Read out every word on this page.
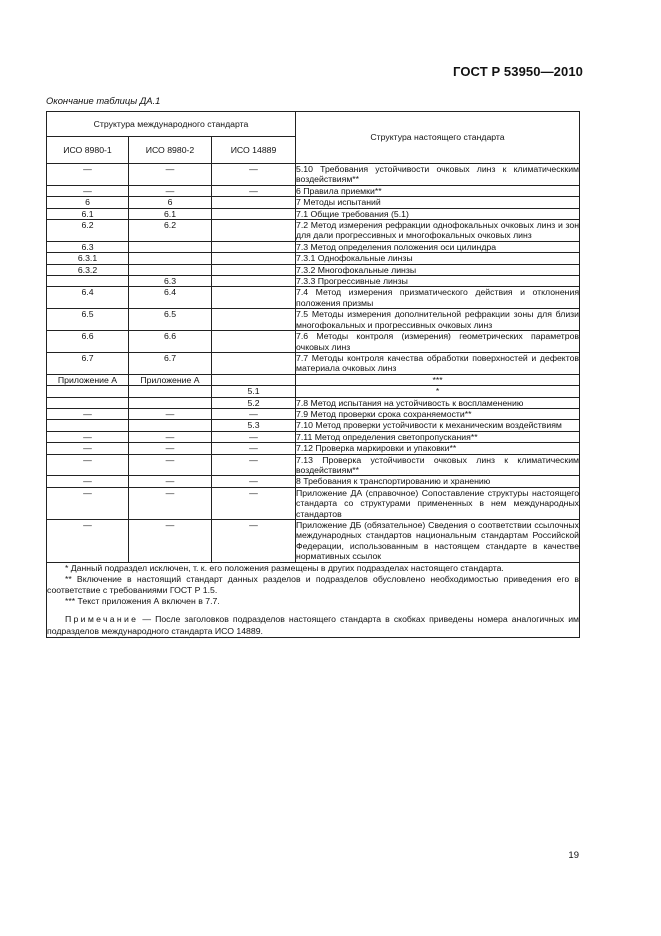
ГОСТ Р 53950—2010
Окончание таблицы ДА.1
Структура международного стандарта			Структура настоящего стандарта
ИСО 8980-1	ИСО 8980-2	ИСО 14889	
—	—	—	5.10 Требования устойчивости очковых линз к климатическким воздействиям**
—	—	—	6 Правила приемки**
6	6		7 Методы испытаний
6.1	6.1		7.1 Общие требования (5.1)
6.2	6.2		7.2 Метод измерения рефракции однофокальных очковых линз и зон для дали прогрессивных и многофокальных очковых линз
6.3			7.3 Метод определения положения оси цилиндра
6.3.1			7.3.1 Однофокальные линзы
6.3.2			7.3.2 Многофокальные линзы
	6.3		7.3.3 Прогрессивные линзы
6.4	6.4		7.4 Метод измерения призматического действия и отклонения положения призмы
6.5	6.5		7.5 Методы измерения дополнительной рефракции зоны для близи многофокальных и прогрессивных очковых линз
6.6	6.6		7.6 Методы контроля (измерения) геометрических параметров очковых линз
6.7	6.7		7.7 Методы контроля качества обработки поверхностей и дефектов материала очковых линз
Приложение А	Приложение А		***
		5.1	*
		5.2	7.8 Метод испытания на устойчивость к воспламенению
—	—	—	7.9 Метод проверки срока сохраняемости**
		5.3	7.10 Метод проверки устойчивости к механическим воздействиям
—	—	—	7.11 Метод определения светопропускания**
—	—	—	7.12 Проверка маркировки и упаковки**
—	—	—	7.13 Проверка устойчивости очковых линз к климатическим воздействиям**
—	—	—	8 Требования к транспортированию и хранению
—	—	—	Приложение ДА (справочное) Сопоставление структуры настоящего стандарта со структурами примененных в нем международных стандартов
—	—	—	Приложение ДБ (обязательное) Сведения о соответствии ссылочных международных стандартов национальным стандартам Российской Федерации, использованным в настоящем стандарте в качестве нормативных ссылок

* Данный подраздел исключен, т. к. его положения размещены в других подразделах настоящего стандарта.

** Включение в настоящий стандарт данных разделов и подразделов обусловлено необходимостью приведения его в соответствие с требованиями ГОСТ Р 1.5.

*** Текст приложения А включен в 7.7.

Примечание — После заголовков подразделов настоящего стандарта в скобках приведены номера аналогичных им подразделов международного стандарта ИСО 14889.			

19
